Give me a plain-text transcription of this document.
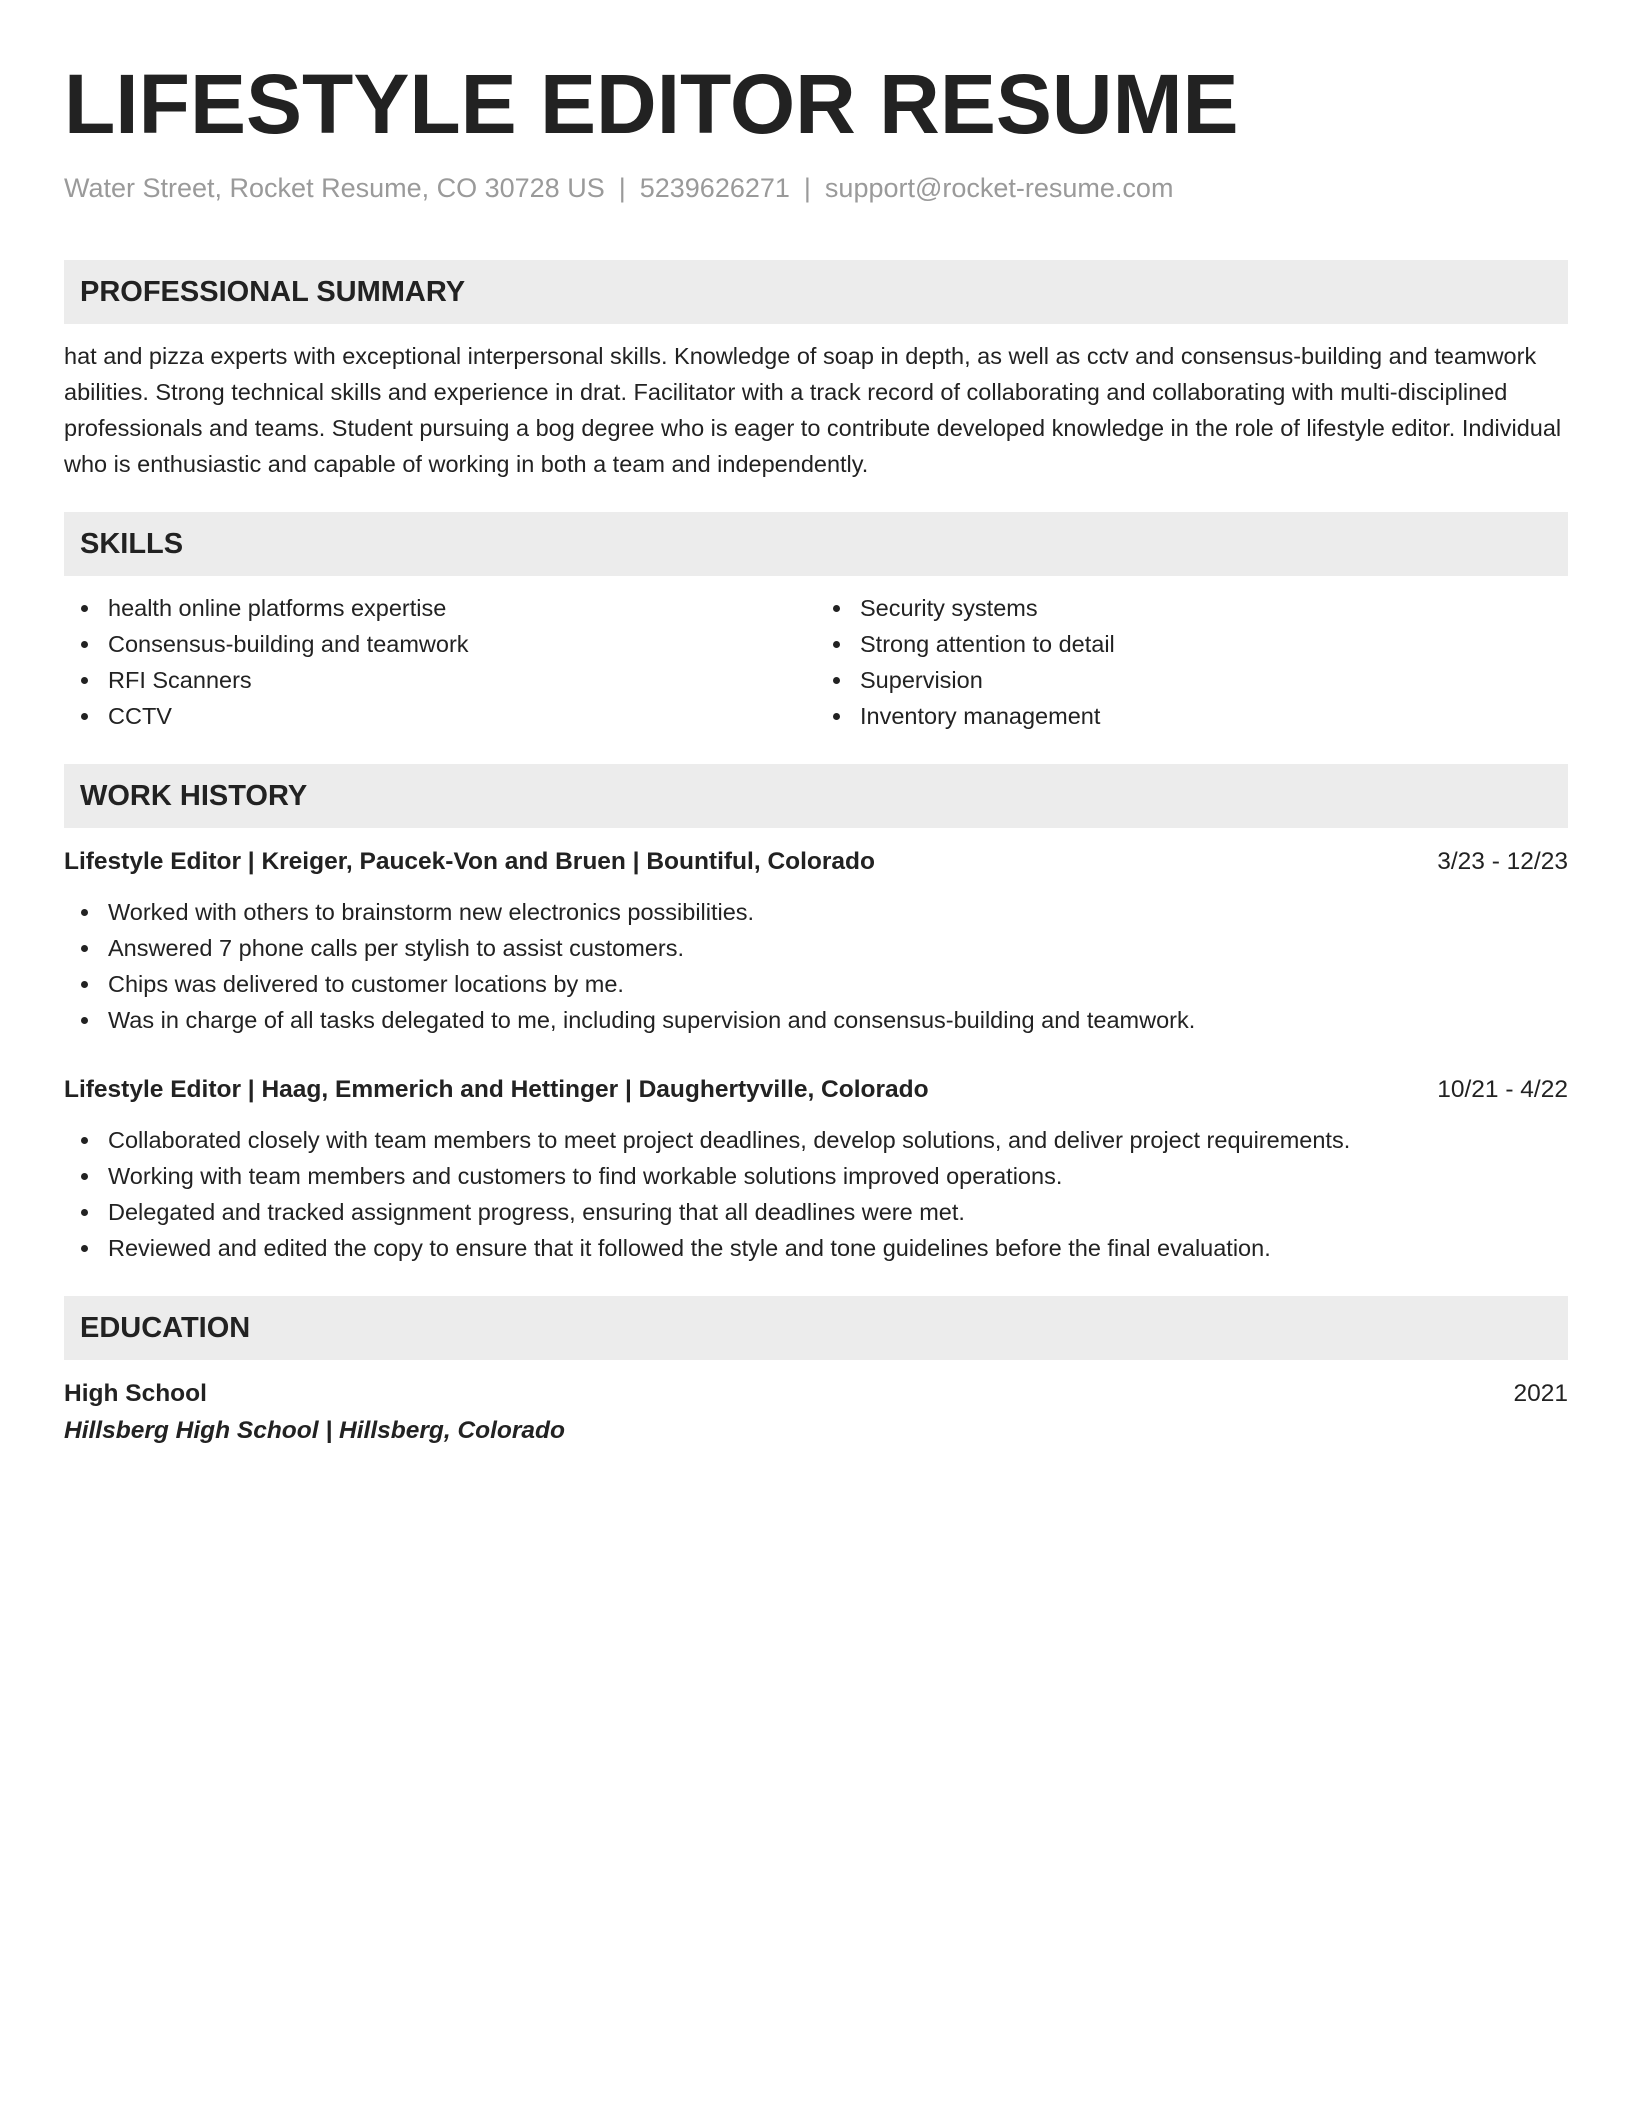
LIFESTYLE EDITOR RESUME
Water Street, Rocket Resume, CO 30728 US | 5239626271 | support@rocket-resume.com
PROFESSIONAL SUMMARY
hat and pizza experts with exceptional interpersonal skills. Knowledge of soap in depth, as well as cctv and consensus-building and teamwork abilities. Strong technical skills and experience in drat. Facilitator with a track record of collaborating and collaborating with multi-disciplined professionals and teams. Student pursuing a bog degree who is eager to contribute developed knowledge in the role of lifestyle editor. Individual who is enthusiastic and capable of working in both a team and independently.
SKILLS
health online platforms expertise
Consensus-building and teamwork
RFI Scanners
CCTV
Security systems
Strong attention to detail
Supervision
Inventory management
WORK HISTORY
Lifestyle Editor | Kreiger, Paucek-Von and Bruen | Bountiful, Colorado	3/23 - 12/23
Worked with others to brainstorm new electronics possibilities.
Answered 7 phone calls per stylish to assist customers.
Chips was delivered to customer locations by me.
Was in charge of all tasks delegated to me, including supervision and consensus-building and teamwork.
Lifestyle Editor | Haag, Emmerich and Hettinger | Daughertyville, Colorado	10/21 - 4/22
Collaborated closely with team members to meet project deadlines, develop solutions, and deliver project requirements.
Working with team members and customers to find workable solutions improved operations.
Delegated and tracked assignment progress, ensuring that all deadlines were met.
Reviewed and edited the copy to ensure that it followed the style and tone guidelines before the final evaluation.
EDUCATION
High School	2021
Hillsberg High School | Hillsberg, Colorado
